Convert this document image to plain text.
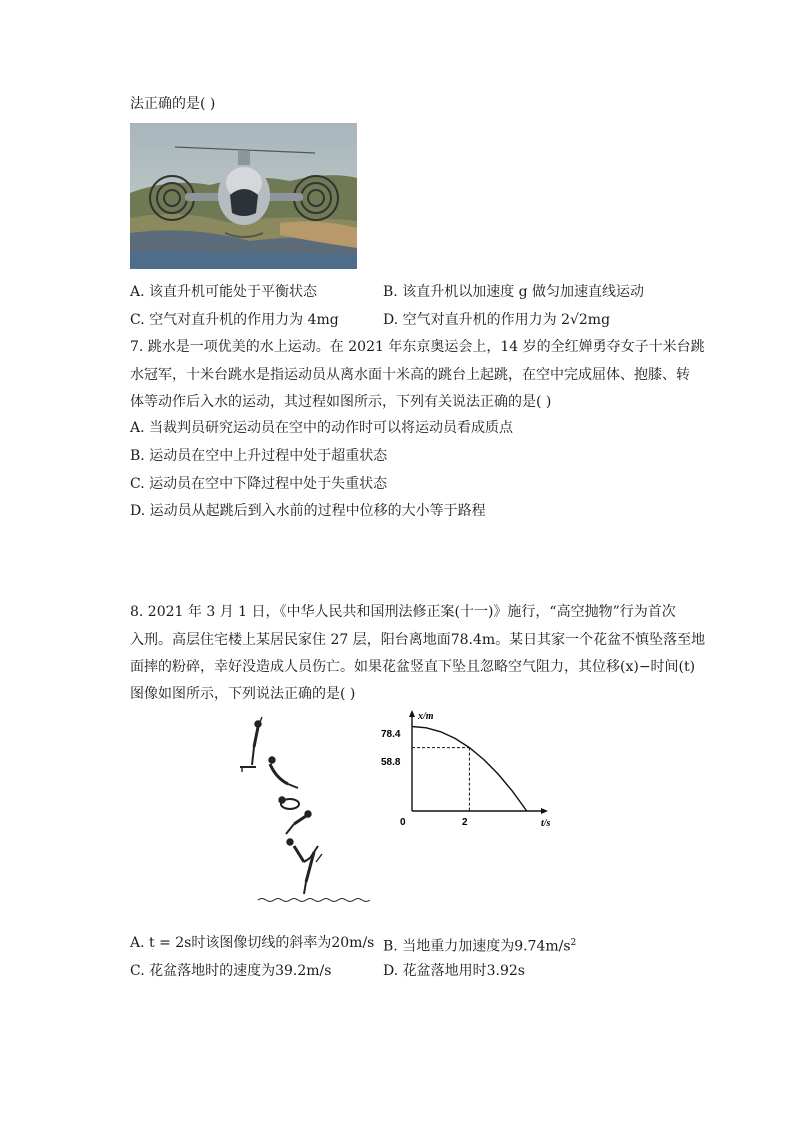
法正确的是( )
A. 该直升机可能处于平衡状态	B. 该直升机以加速度 g 做匀加速直线运动
C. 空气对直升机的作用力为 4mg	D. 空气对直升机的作用力为 2√2mg
7. 跳水是一项优美的水上运动。在 2021 年东京奥运会上，14 岁的全红婵勇夺女子十米台跳
水冠军，十米台跳水是指运动员从离水面十米高的跳台上起跳，在空中完成屈体、抱膝、转
体等动作后入水的运动，其过程如图所示，下列有关说法正确的是( )
A. 当裁判员研究运动员在空中的动作时可以将运动员看成质点
B. 运动员在空中上升过程中处于超重状态
C. 运动员在空中下降过程中处于失重状态
D. 运动员从起跳后到入水前的过程中位移的大小等于路程
8. 2021 年 3 月 1 日，《中华人民共和国刑法修正案(十一)》施行，“高空抛物”行为首次
入刑。高层住宅楼上某居民家住 27 层，阳台离地面78.4m。某日其家一个花盆不慎坠落至地
面摔的粉碎，幸好没造成人员伤亡。如果花盆竖直下坠且忽略空气阻力，其位移(x)−时间(t)
图像如图所示，下列说法正确的是( )
x/m
t/s
78.4
58.8
0	2
A. t = 2s时该图像切线的斜率为20m/s B. 当地重力加速度为$9.74m/s^2$
C. 花盆落地时的速度为39.2m/s	D. 花盆落地用时3.92s
